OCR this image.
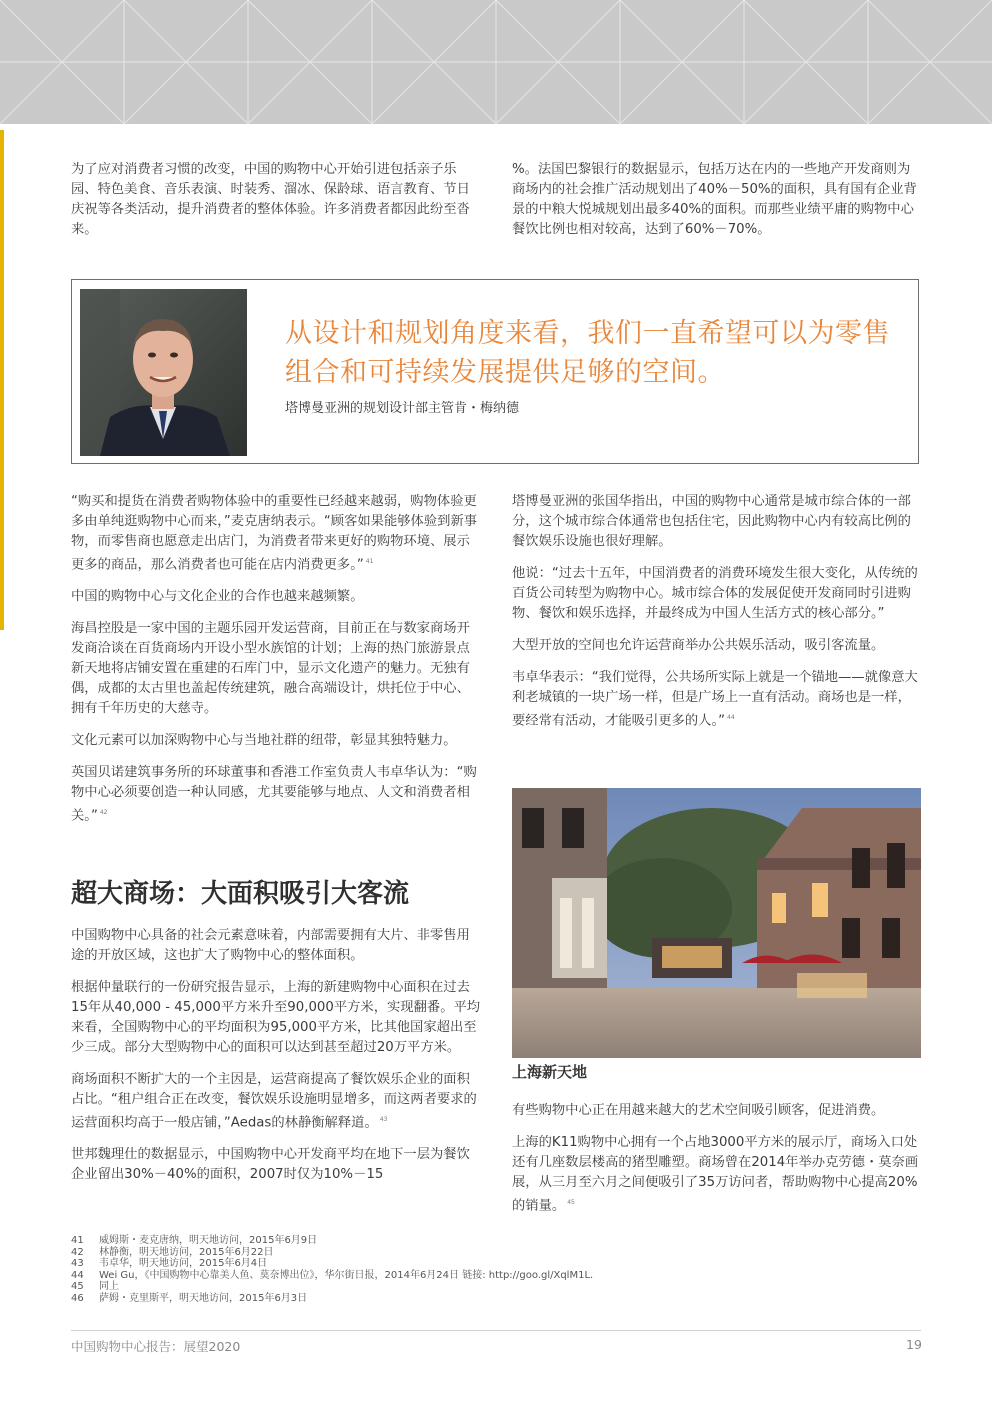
为了应对消费者习惯的改变，中国的购物中心开始引进包括亲子乐园、特色美食、音乐表演、时装秀、溜冰、保龄球、语言教育、节日庆祝等各类活动，提升消费者的整体体验。许多消费者都因此纷至沓来。

%。法国巴黎银行的数据显示，包括万达在内的一些地产开发商则为商场内的社会推广活动规划出了40%－50%的面积，具有国有企业背景的中粮大悦城规划出最多40%的面积。而那些业绩平庸的购物中心餐饮比例也相对较高，达到了60%－70%。

从设计和规划角度来看，我们一直希望可以为零售组合和可持续发展提供足够的空间。
塔博曼亚洲的规划设计部主管肯・梅纳德

“购买和提货在消费者购物体验中的重要性已经越来越弱，购物体验更多由单纯逛购物中心而来，”麦克唐纳表示。“顾客如果能够体验到新事物，而零售商也愿意走出店门，为消费者带来更好的购物环境、展示更多的商品，那么消费者也可能在店内消费更多。” $^{41}$

中国的购物中心与文化企业的合作也越来越频繁。

海昌控股是一家中国的主题乐园开发运营商，目前正在与数家商场开发商洽谈在百货商场内开设小型水族馆的计划；上海的热门旅游景点新天地将店铺安置在重建的石库门中，显示文化遗产的魅力。无独有偶，成都的太古里也盖起传统建筑，融合高端设计，烘托位于中心、拥有千年历史的大慈寺。

文化元素可以加深购物中心与当地社群的纽带，彰显其独特魅力。

英国贝诺建筑事务所的环球董事和香港工作室负责人韦卓华认为：“购物中心必须要创造一种认同感，尤其要能够与地点、人文和消费者相关。” $^{42}$

超大商场：大面积吸引大客流

中国购物中心具备的社会元素意味着，内部需要拥有大片、非零售用途的开放区域，这也扩大了购物中心的整体面积。

根据仲量联行的一份研究报告显示，上海的新建购物中心面积在过去15年从40,000 - 45,000平方米升至90,000平方米，实现翻番。平均来看，全国购物中心的平均面积为95,000平方米，比其他国家超出至少三成。部分大型购物中心的面积可以达到甚至超过20万平方米。

商场面积不断扩大的一个主因是，运营商提高了餐饮娱乐企业的面积占比。“租户组合正在改变，餐饮娱乐设施明显增多，而这两者要求的运营面积均高于一般店铺，”Aedas的林静衡解释道。 $^{43}$

世邦魏理仕的数据显示，中国购物中心开发商平均在地下一层为餐饮企业留出30%－40%的面积，2007时仅为10%－15

塔博曼亚洲的张国华指出，中国的购物中心通常是城市综合体的一部分，这个城市综合体通常也包括住宅，因此购物中心内有较高比例的餐饮娱乐设施也很好理解。

他说：“过去十五年，中国消费者的消费环境发生很大变化，从传统的百货公司转型为购物中心。城市综合体的发展促使开发商同时引进购物、餐饮和娱乐选择，并最终成为中国人生活方式的核心部分。”

大型开放的空间也允许运营商举办公共娱乐活动，吸引客流量。

韦卓华表示：“我们觉得，公共场所实际上就是一个锚地——就像意大利老城镇的一块广场一样，但是广场上一直有活动。商场也是一样，要经常有活动，才能吸引更多的人。” $^{44}$

上海新天地

有些购物中心正在用越来越大的艺术空间吸引顾客，促进消费。

上海的K11购物中心拥有一个占地3000平方米的展示厅，商场入口处还有几座数层楼高的猪型雕塑。商场曾在2014年举办克劳德・莫奈画展，从三月至六月之间便吸引了35万访问者，帮助购物中心提高20%的销量。 $^{45}$

41	威姆斯・麦克唐纳，明天地访问，2015年6月9日
42	林静衡，明天地访问，2015年6月22日
43	韦卓华，明天地访问，2015年6月4日
44	Wei Gu，《中国购物中心靠美人鱼、莫奈博出位》，华尔街日报，2014年6月24日 链接: http://goo.gl/XqlM1L.
45	同上
46	萨姆・克里斯平，明天地访问，2015年6月3日
中国购物中心报告：展望2020	19
